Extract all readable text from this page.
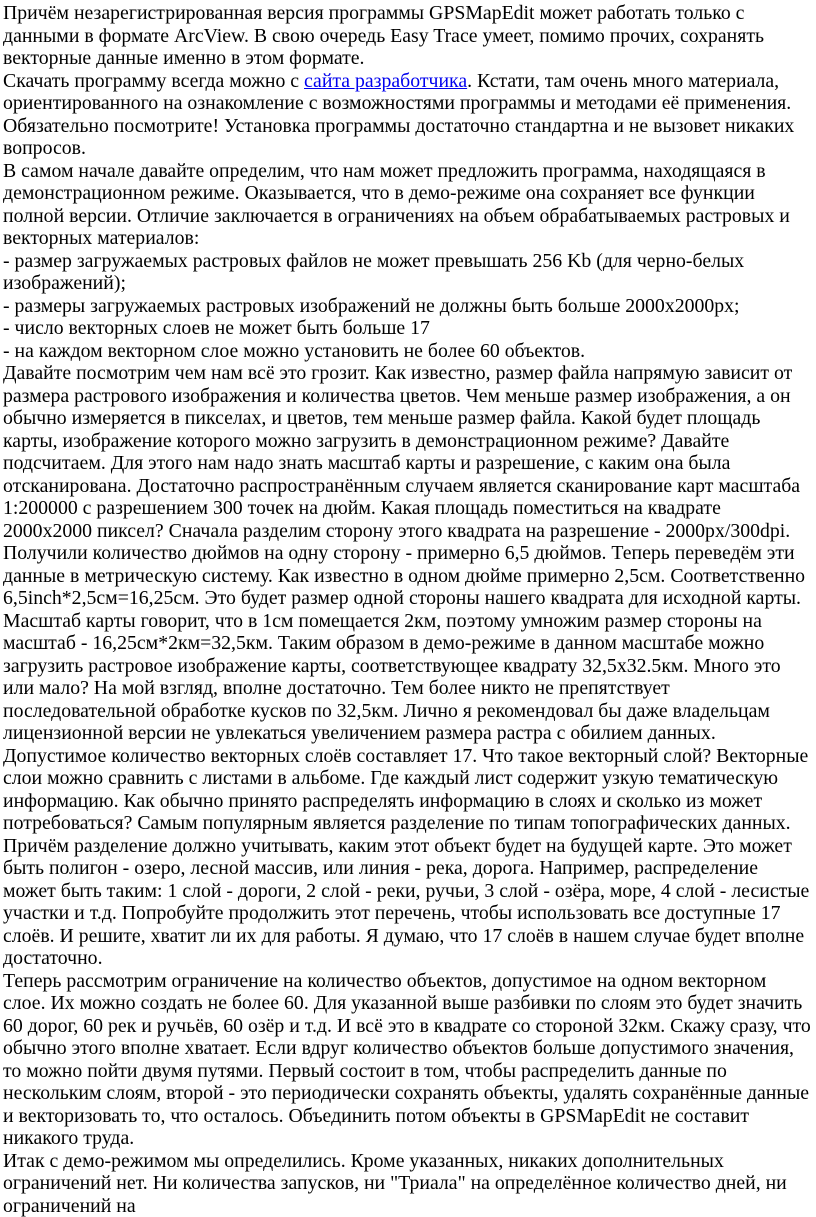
Причём незарегистрированная версия программы GPSMapEdit может работать только с данными в формате ArcView. В свою очередь Easy Trace умеет, помимо прочих, сохранять векторные данные именно в этом формате.

Скачать программу всегда можно с сайта разработчика. Кстати, там очень много материала, ориентированного на ознакомление с возможностями программы и методами её применения. Обязательно посмотрите! Установка программы достаточно стандартна и не вызовет никаких вопросов.

В самом начале давайте определим, что нам может предложить программа, находящаяся в демонстрационном режиме. Оказывается, что в демо-режиме она сохраняет все функции полной версии. Отличие заключается в ограничениях на объем обрабатываемых растровых и векторных материалов:

- размер загружаемых растровых файлов не может превышать 256 Kb (для черно-белых изображений);

- размеры загружаемых растровых изображений не должны быть больше 2000x2000px;

- число векторных слоев не может быть больше 17

- на каждом векторном слое можно установить не более 60 объектов.

Давайте посмотрим чем нам всё это грозит. Как известно, размер файла напрямую зависит от размера растрового изображения и количества цветов. Чем меньше размер изображения, а он обычно измеряется в пикселах, и цветов, тем меньше размер файла. Какой будет площадь карты, изображение которого можно загрузить в демонстрационном режиме? Давайте подсчитаем. Для этого нам надо знать масштаб карты и разрешение, с каким она была отсканирована. Достаточно распространённым случаем является сканирование карт масштаба 1:200000 с разрешением 300 точек на дюйм. Какая площадь поместиться на квадрате 2000x2000 пиксел? Сначала разделим сторону этого квадрата на разрешение - 2000px/300dpi. Получили количество дюймов на одну сторону - примерно 6,5 дюймов. Теперь переведём эти данные в метрическую систему. Как известно в одном дюйме примерно 2,5см. Соответственно 6,5inch*2,5см=16,25см. Это будет размер одной стороны нашего квадрата для исходной карты. Масштаб карты говорит, что в 1см помещается 2км, поэтому умножим размер стороны на масштаб - 16,25см*2км=32,5км. Таким образом в демо-режиме в данном масштабе можно загрузить растровое изображение карты, соответствующее квадрату 32,5x32.5км. Много это или мало? На мой взгляд, вполне достаточно. Тем более никто не препятствует последовательной обработке кусков по 32,5км. Лично я рекомендовал бы даже владельцам лицензионной версии не увлекаться увеличением размера растра с обилием данных.

Допустимое количество векторных слоёв составляет 17. Что такое векторный слой? Векторные слои можно сравнить с листами в альбоме. Где каждый лист содержит узкую тематическую информацию. Как обычно принято распределять информацию в слоях и сколько из может потребоваться? Самым популярным является разделение по типам топографических данных. Причём разделение должно учитывать, каким этот объект будет на будущей карте. Это может быть полигон - озеро, лесной массив, или линия - река, дорога. Например, распределение может быть таким: 1 слой - дороги, 2 слой - реки, ручьи, 3 слой - озёра, море, 4 слой - лесистые участки и т.д. Попробуйте продолжить этот перечень, чтобы использовать все доступные 17 слоёв. И решите, хватит ли их для работы. Я думаю, что 17 слоёв в нашем случае будет вполне достаточно.

Теперь рассмотрим ограничение на количество объектов, допустимое на одном векторном слое. Их можно создать не более 60. Для указанной выше разбивки по слоям это будет значить 60 дорог, 60 рек и ручьёв, 60 озёр и т.д. И всё это в квадрате со стороной 32км. Скажу сразу, что обычно этого вполне хватает. Если вдруг количество объектов больше допустимого значения, то можно пойти двумя путями. Первый состоит в том, чтобы распределить данные по нескольким слоям, второй - это периодически сохранять объекты, удалять сохранённые данные и векторизовать то, что осталось. Объединить потом объекты в GPSMapEdit не составит никакого труда.

Итак с демо-режимом мы определились. Кроме указанных, никаких дополнительных ограничений нет. Ни количества запусков, ни "Триала" на определённое количество дней, ни ограничений на
